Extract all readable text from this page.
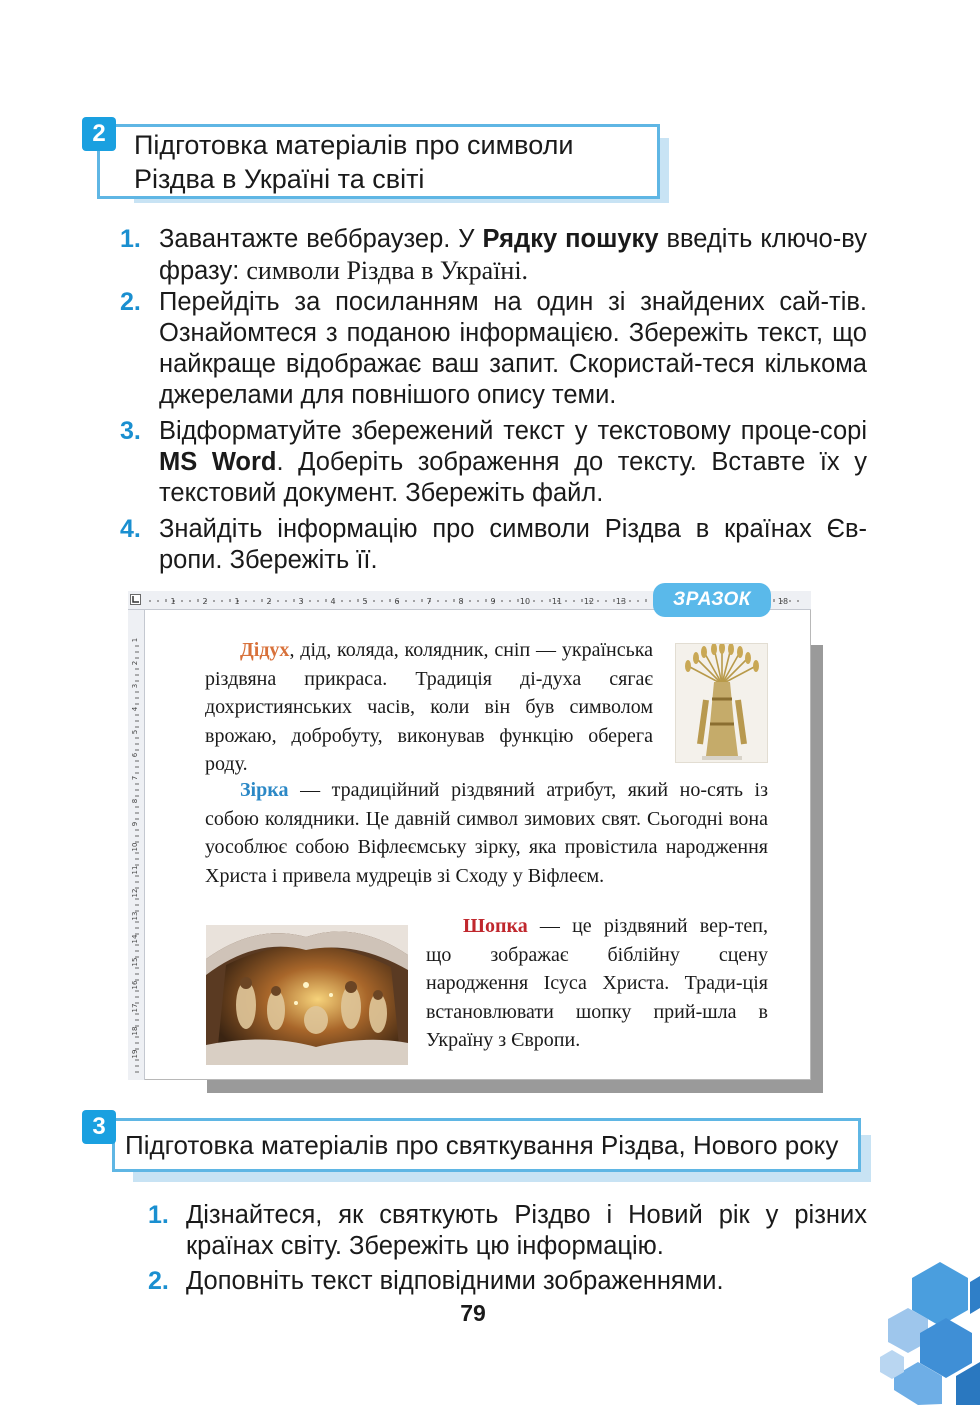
2	Підготовка матеріалів про символи
Різдва в Україні та світі
1. Завантажте веббраузер. У Рядку пошуку введіть ключо-ву фразу: символи Різдва в Україні.
2. Перейдіть за посиланням на один зі знайдених сай-тів. Ознайомтеся з поданою інформацією. Збережіть текст, що найкраще відображає ваш запит. Скористай-теся кількома джерелами для повнішого опису теми.
3. Відформатуйте збережений текст у текстовому проце-сорі MS Word. Доберіть зображення до тексту. Вставте їх у текстовий документ. Збережіть файл.
4. Знайдіть інформацію про символи Різдва в країнах Єв-ропи. Збережіть її.
1	2	1	2	3	4	5	6	7	8	9	10	11	12	13	18
1
2
3
4
5
6
7
8
9
10
11
12
13
14
15
16
17
18
19
ЗРАЗОК
Дідух, дід, коляда, колядник, сніп — українська різдвяна прикраса. Традиція ді-духа сягає дохристиянських часів, коли він був символом врожаю, добробуту, виконував функцію оберега роду.
Зірка — традиційний різдвяний атрибут, який но-сять із собою колядники. Це давній символ зимових свят. Сьогодні вона уособлює собою Віфлеємську зірку, яка провістила народження Христа і привела мудреців зі Сходу у Віфлеєм.
Шопка — це різдвяний вер-теп, що зображає біблійну сцену народження Ісуса Христа. Тради-ція встановлювати шопку прий-шла в Україну з Європи.
3
Підготовка матеріалів про святкування Різдва, Нового року
1. Дізнайтеся, як святкують Різдво і Новий рік у різних країнах світу. Збережіть цю інформацію.
2. Доповніть текст відповідними зображеннями.
79
